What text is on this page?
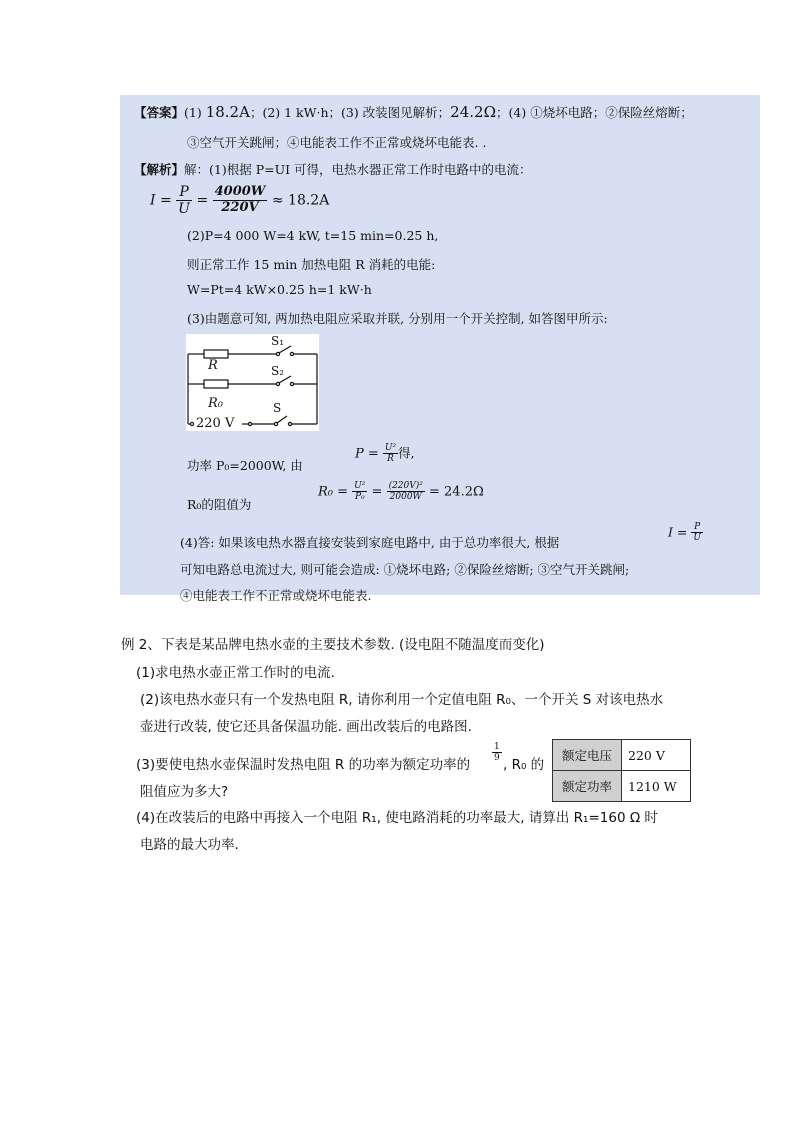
【答案】(1) 18.2A；(2) 1 kW·h；(3) 改装图见解析；24.2Ω；(4) ①烧坏电路；②保险丝熔断；
③空气开关跳闸；④电能表工作不正常或烧坏电能表. .
【解析】解：(1)根据 P=UI 可得，电热水器正常工作时电路中的电流：
$I = \frac{P}{U} = \frac{4000W}{220V} \approx 18.2A$
(2)P=4 000 W=4 kW, t=15 min=0.25 h,
则正常工作 15 min 加热电阻 R 消耗的电能:
W=Pt=4 kW×0.25 h=1 kW·h
(3)由题意可知, 两加热电阻应采取并联, 分别用一个开关控制, 如答图甲所示:
R
R₀
S₁
S₂
S
220 V
功率 P₀=2000W, 由
$P = \frac{\text{U²}}{R}$ 得,
R₀的阻值为
$R_0 = \frac{\text{U²}}{\text{P₀}} = \frac{\text{(220V)²}}{2000W} = 24.2\Omega$
(4)答: 如果该电热水器直接安装到家庭电路中, 由于总功率很大, 根据
$I = \frac{P}{U}$
可知电路总电流过大, 则可能会造成: ①烧坏电路; ②保险丝熔断; ③空气开关跳闸;
④电能表工作不正常或烧坏电能表.
例 2、下表是某品牌电热水壶的主要技术参数. (设电阻不随温度而变化)
(1)求电热水壶正常工作时的电流.
(2)该电热水壶只有一个发热电阻 R, 请你利用一个定值电阻 R₀、一个开关 S 对该电热水
壶进行改装, 使它还具备保温功能. 画出改装后的电路图.
(3)要使电热水壶保温时发热电阻 R 的功率为额定功率的
$\frac{1}{9}$
, R₀ 的
阻值应为多大?
额定电压	220 V
额定功率	1210 W
(4)在改装后的电路中再接入一个电阻 R₁, 使电路消耗的功率最大, 请算出 R₁=160 Ω 时
电路的最大功率.
